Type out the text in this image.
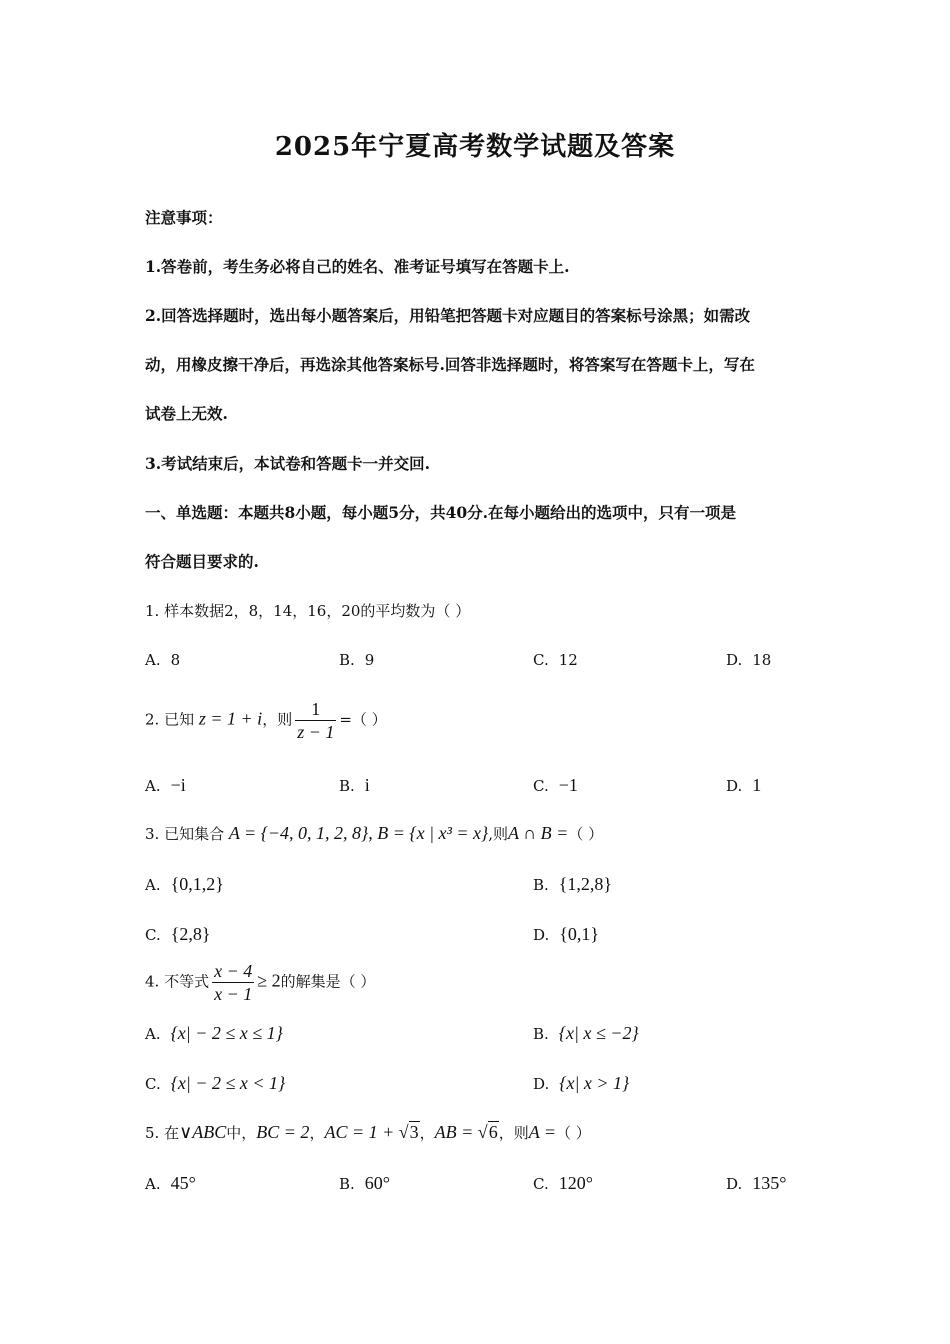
2025年宁夏高考数学试题及答案
注意事项：
1.答卷前，考生务必将自己的姓名、准考证号填写在答题卡上.
2.回答选择题时，选出每小题答案后，用铅笔把答题卡对应题目的答案标号涂黑；如需改
动，用橡皮擦干净后，再选涂其他答案标号.回答非选择题时，将答案写在答题卡上，写在
试卷上无效.
3.考试结束后，本试卷和答题卡一并交回.
一、单选题：本题共8小题，每小题5分，共40分.在每小题给出的选项中，只有一项是
符合题目要求的.
1. 样本数据2，8，14，16，20的平均数为（ ）
A. 8	B. 9	C. 12	D. 18
2. 已知 z = 1 + i，则 $\frac{1}{z - 1}$ =（ ）
A. −i	B. i	C. −1	D. 1
3. 已知集合 A = {−4, 0, 1, 2, 8}, B = {x | x³ = x},则A ∩ B =（ ）
A. {0,1,2}	B. {1,2,8}
C. {2,8}	D. {0,1}
4. 不等式 $\frac{x - 4}{x - 1} \ge 2$的解集是（ ）
A. {x| − 2 ≤ x ≤ 1}	B. {x| x ≤ −2}
C. {x| − 2 ≤ x < 1}	D. {x| x > 1}
5. 在∨ABC中，BC = 2，AC = 1 + √3，AB = √6，则A =（ ）
A. 45°	B. 60°	C. 120°	D. 135°
